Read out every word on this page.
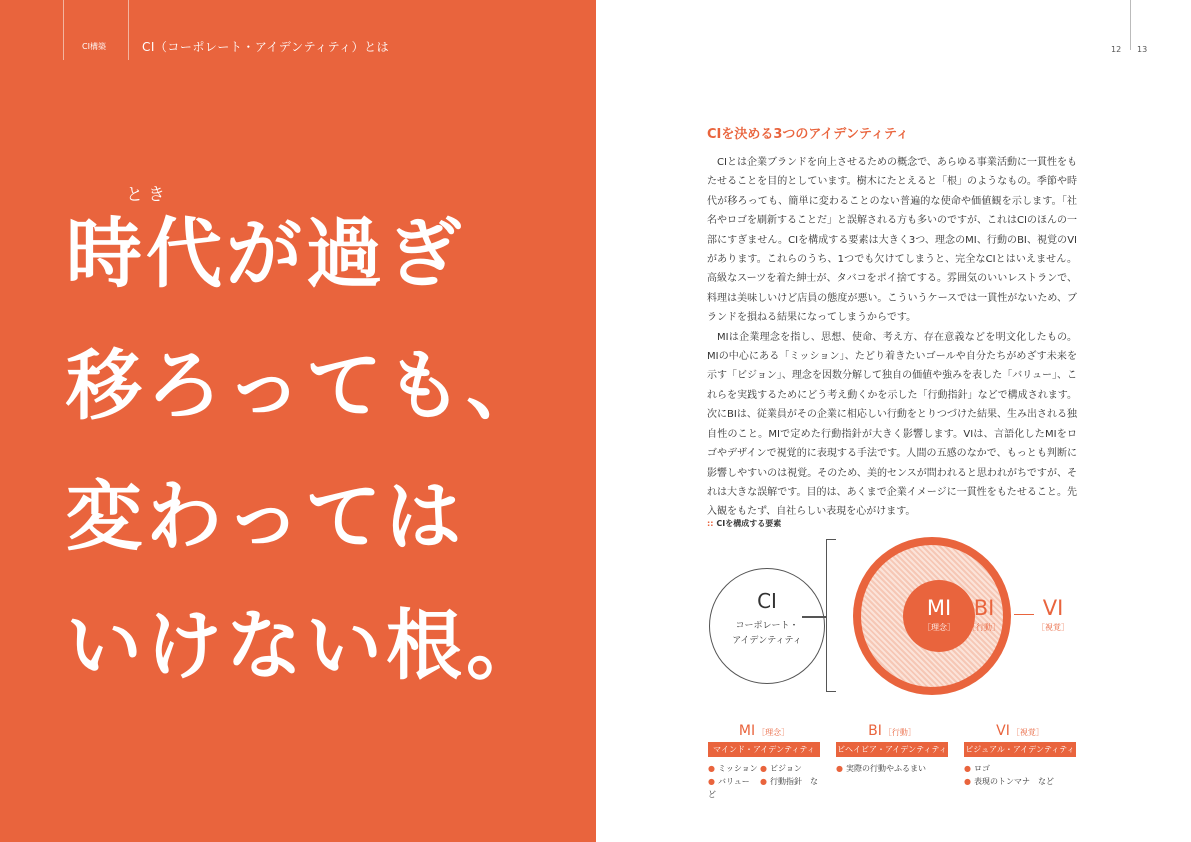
CI構築	CI（コーポレート・アイデンティティ）とは
とき
時代が過ぎ
移ろっても、
変わっては
いけない根。
12 13
CIを決める3つのアイデンティティ

CIとは企業ブランドを向上させるための概念で、あらゆる事業活動に一貫性をもたせることを目的としています。樹木にたとえると「根」のようなもの。季節や時代が移ろっても、簡単に変わることのない普遍的な使命や価値観を示します。「社名やロゴを刷新することだ」と誤解される方も多いのですが、これはCIのほんの一部にすぎません。CIを構成する要素は大きく3つ、理念のMI、行動のBI、視覚のVIがあります。これらのうち、1つでも欠けてしまうと、完全なCIとはいえません。高級なスーツを着た紳士が、タバコをポイ捨てする。雰囲気のいいレストランで、料理は美味しいけど店員の態度が悪い。こういうケースでは一貫性がないため、ブランドを損ねる結果になってしまうからです。

MIは企業理念を指し、思想、使命、考え方、存在意義などを明文化したもの。MIの中心にある「ミッション」、たどり着きたいゴールや自分たちがめざす未来を示す「ビジョン」、理念を因数分解して独自の価値や強みを表した「バリュー」、これらを実践するためにどう考え動くかを示した「行動指針」などで構成されます。次にBIは、従業員がその企業に相応しい行動をとりつづけた結果、生み出される独自性のこと。MIで定めた行動指針が大きく影響します。VIは、言語化したMIをロゴやデザインで視覚的に表現する手法です。人間の五感のなかで、もっとも判断に影響しやすいのは視覚。そのため、美的センスが問われると思われがちですが、それは大きな誤解です。目的は、あくまで企業イメージに一貫性をもたせること。先入観をもたず、自社らしい表現を心がけます。

:: CIを構成する要素
CI
コーポレート・
アイデンティティ
MI
［理念］
BI
［行動］
VI
［視覚］
MI ［理念］
マインド・アイデンティティ
● ミッション ● ビジョン
● バリュー ● 行動指針　など
BI ［行動］
ビヘイビア・アイデンティティ
● 実際の行動やふるまい
VI ［視覚］
ビジュアル・アイデンティティ
● ロゴ
● 表現のトンマナ　など
